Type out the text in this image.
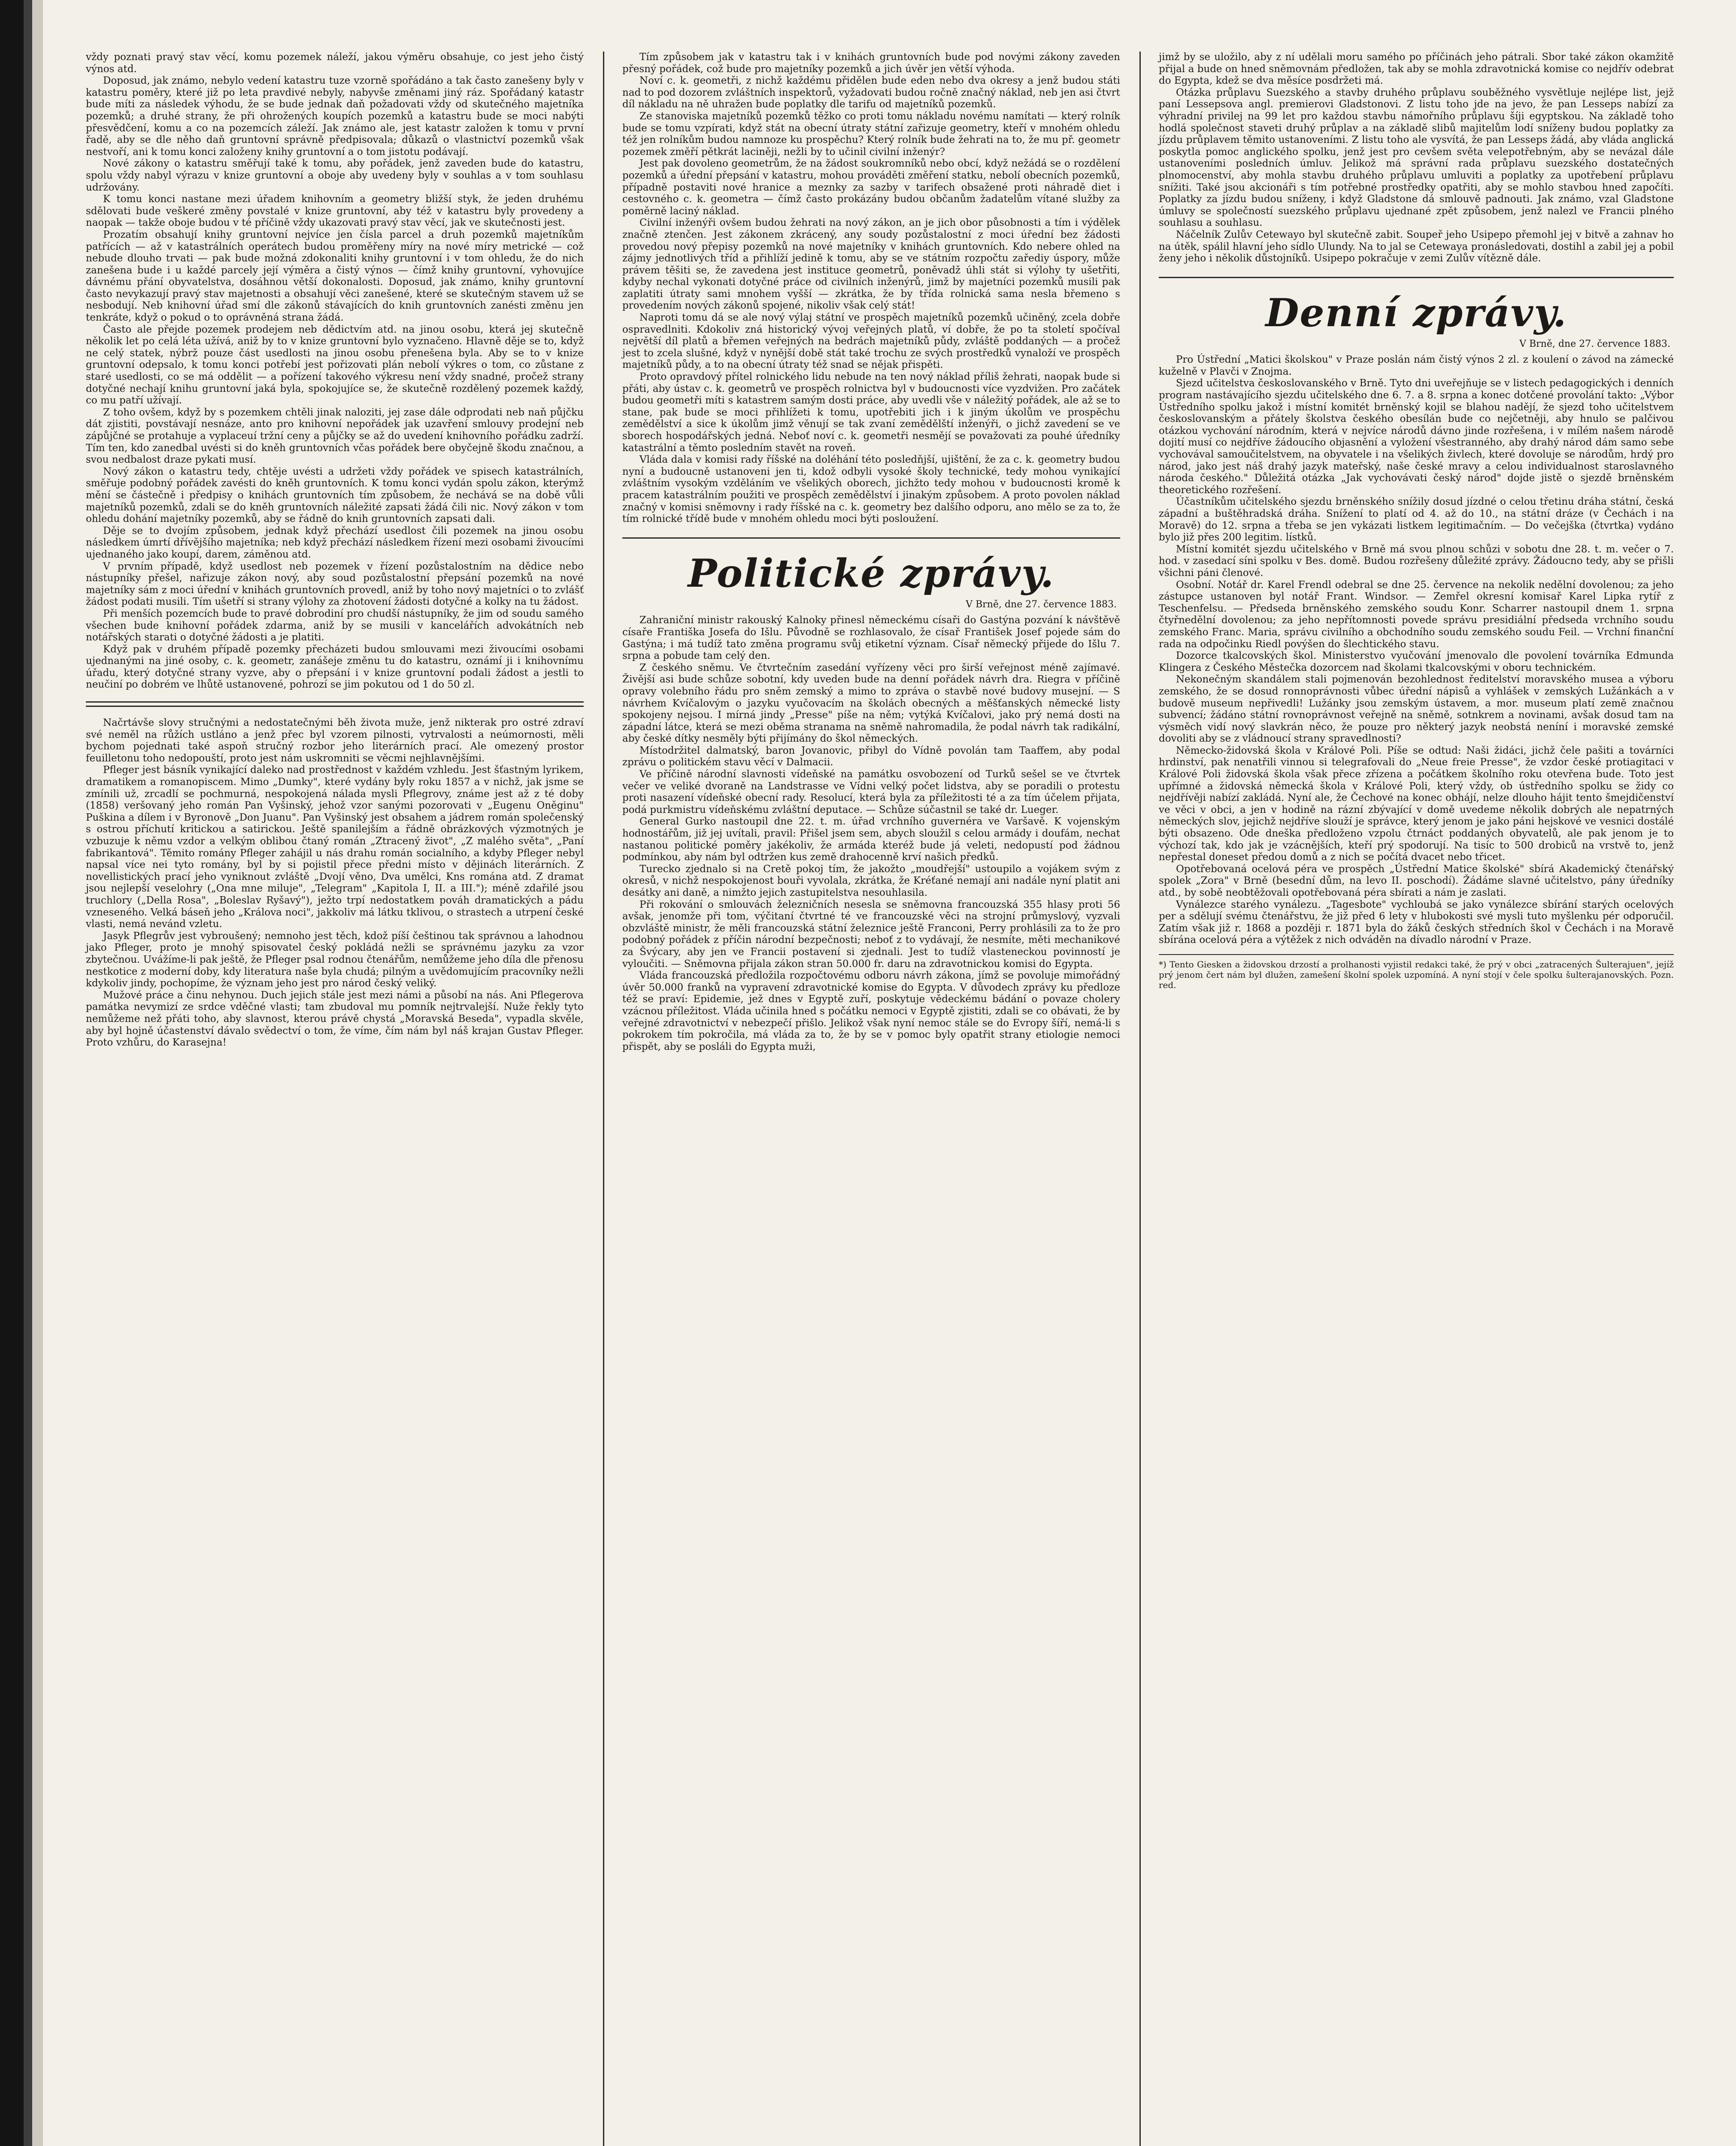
vždy poznati pravý stav věcí, komu pozemek náleží, jakou výměru obsahuje, co jest jeho čistý výnos atd.

Doposud, jak známo, nebylo vedení katastru tuze vzorně spořádáno a tak často zanešeny byly v katastru poměry, které již po leta pravdivé nebyly, nabyvše změnami jiný ráz. Spořádaný katastr bude míti za následek výhodu, že se bude jednak daň požadovati vždy od skutečného majetníka pozemků; a druhé strany, že při ohrožených koupích pozemků a katastru bude se moci nabýti přesvědčení, komu a co na pozemcích záleží. Jak známo ale, jest katastr založen k tomu v první řadě, aby se dle něho daň gruntovní správně předpisovala; důkazů o vlastnictví pozemků však nestvoří, ani k tomu konci založeny knihy gruntovní a o tom jistotu podávají.

Nové zákony o katastru směřují také k tomu, aby pořádek, jenž zaveden bude do katastru, spolu vždy nabyl výrazu v knize gruntovní a oboje aby uvedeny byly v souhlas a v tom souhlasu udržovány.

K tomu konci nastane mezi úřadem knihovním a geometry bližší styk, že jeden druhému sdělovati bude veškeré změny povstalé v knize gruntovní, aby též v katastru byly provedeny a naopak — takže oboje budou v té příčině vždy ukazovati pravý stav věcí, jak ve skutečnosti jest.

Prozatím obsahují knihy gruntovní nejvíce jen čísla parcel a druh pozemků majetníkům patřících — až v katastrálních operátech budou proměřeny míry na nové míry metrické — což nebude dlouho trvati — pak bude možná zdokonaliti knihy gruntovní i v tom ohledu, že do nich zanešena bude i u každé parcely její výměra a čistý výnos — čímž knihy gruntovní, vyhovujíce dávnému přání obyvatelstva, dosáhnou větší dokonalosti. Doposud, jak známo, knihy gruntovní často nevykazují pravý stav majetnosti a obsahují věci zanešené, které se skutečným stavem už se nesbodují. Neb knihovní úřad smí dle zákonů stávajících do knih gruntovních zanésti změnu jen tenkráte, když o pokud o to oprávněná strana žádá.

Často ale přejde pozemek prodejem neb dědictvím atd. na jinou osobu, která jej skutečně několik let po celá léta užívá, aniž by to v knize gruntovní bylo vyznačeno. Hlavně děje se to, když ne celý statek, nýbrž pouze část usedlosti na jinou osobu přenešena byla. Aby se to v knize gruntovní odepsalo, k tomu konci potřebí jest pořizovati plán nebolí výkres o tom, co zůstane z staré usedlosti, co se má oddělit — a pořízení takového výkresu není vždy snadné, pročež strany dotyčné nechají knihu gruntovní jaká byla, spokojujíce se, že skutečně rozdělený pozemek každý, co mu patří užívají.

Z toho ovšem, když by s pozemkem chtěli jinak naloziti, jej zase dále odprodati neb naň půjčku dát zjistiti, povstávají nesnáze, anto pro knihovní nepořádek jak uzavření smlouvy prodejní neb zápůjčné se protahuje a vyplaceuí tržní ceny a půjčky se až do uvedení knihovního pořádku zadrží. Tím ten, kdo zanedbal uvésti si do kněh gruntovních včas pořádek bere obyčejně škodu značnou, a svou nedbalost draze pykati musí.

Nový zákon o katastru tedy, chtěje uvésti a udržeti vždy pořádek ve spisech katastrálních, směřuje podobný pořádek zavésti do kněh gruntovních. K tomu konci vydán spolu zákon, kterýmž mění se částečně i předpisy o knihách gruntovních tím způsobem, že nechává se na době vůli majetníků pozemků, zdali se do kněh gruntovních náležité zapsati žádá čili nic. Nový zákon v tom ohledu dohání majetníky pozemků, aby se řádně do knih gruntovních zapsati dali.

Děje se to dvojím způsobem, jednak když přechází usedlost čili pozemek na jinou osobu následkem úmrtí dřívějšího majetníka; neb když přechází následkem řízení mezi osobami živoucími ujednaného jako koupí, darem, záměnou atd.

V prvním případě, když usedlost neb pozemek v řízení pozůstalostním na dědice nebo nástupníky přešel, nařizuje zákon nový, aby soud pozůstalostní přepsání pozemků na nové majetníky sám z moci úřední v knihách gruntovních provedl, aniž by toho nový majetníci o to zvlášť žádost podati musili. Tím ušetří si strany výlohy za zhotovení žádosti dotyčné a kolky na tu žádost.

Při menších pozemcích bude to pravé dobrodiní pro chudší nástupníky, že jim od soudu samého všechen bude knihovní pořádek zdarma, aniž by se musili v kancelářích advokátních neb notářských starati o dotyčné žádosti a je platiti.

Když pak v druhém případě pozemky přecházeti budou smlouvami mezi živoucími osobami ujednanými na jiné osoby, c. k. geometr, zanášeje změnu tu do katastru, oznámí ji i knihovnímu úřadu, který dotyčné strany vyzve, aby o přepsání i v knize gruntovní podali žádost a jestli to neučiní po dobrém ve lhůtě ustanovené, pohrozí se jim pokutou od 1 do 50 zl.

Načrtávše slovy stručnými a nedostatečnými běh života muže, jenž nikterak pro ostré zdraví své neměl na růžích ustláno a jenž přec byl vzorem pilnosti, vytrvalosti a neúmornosti, měli bychom pojednati také aspoň stručný rozbor jeho literárních prací. Ale omezený prostor feuilletonu toho nedopouští, proto jest nám uskromniti se věcmi nejhlavnějšími.

Pfleger jest básník vynikající daleko nad prostřednost v každém vzhledu. Jest šťastným lyrikem, dramatikem a romanopiscem. Mimo „Dumky", které vydány byly roku 1857 a v nichž, jak jsme se zmínili už, zrcadlí se pochmurná, nespokojená nálada mysli Pflegrovy, známe jest až z té doby (1858) veršovaný jeho román Pan Vyšinský, jehož vzor sanými pozorovati v „Eugenu Oněginu" Puškina a dílem i v Byronově „Don Juanu". Pan Vyšinský jest obsahem a jádrem román společenský s ostrou příchutí kritickou a satirickou. Ještě spanilejším a řádně obrázkových výzmotných je vzbuzuje k němu vzdor a velkým oblibou čtaný román „Ztracený život", „Z malého světa", „Paní fabrikantová". Těmito romány Pfleger zahájil u nás drahu román socialního, a kdyby Pfleger nebyl napsal více nei tyto romány, byl by si pojistil přece předni místo v dějinách literárních. Z novellistických prací jeho vyniknout zvláště „Dvojí věno, Dva umělci, Kns romána atd. Z dramat jsou nejlepší veselohry („Ona mne miluje", „Telegram" „Kapitola I, II. a III."); méně zdařilé jsou truchlory („Della Rosa", „Boleslav Ryšavý"), ježto trpí nedostatkem pováh dramatických a pádu vzneseného. Velká báseň jeho „Králova noci", jakkoliv má látku tklivou, o strastech a utrpení české vlasti, nemá nevánd vzletu.

Jasyk Pflegrův jest vybroušený; nemnoho jest těch, kdož píší češtinou tak správnou a lahodnou jako Pfleger, proto je mnohý spisovatel český pokládá nežli se správnému jazyku za vzor zbytečnou. Uvážíme-li pak ještě, že Pfleger psal rodnou čtenářům, nemůžeme jeho díla dle přenosu nestkotice z moderní doby, kdy literatura naše byla chudá; pilným a uvědomujícím pracovníky nežli kdykoliv jindy, pochopíme, že význam jeho jest pro národ český veliký.

Mužové práce a činu nehynou. Duch jejich stále jest mezi námi a působí na nás. Ani Pflegerova památka nevymizí ze srdce vděčné vlasti; tam zbudoval mu pomník nejtrvalejší. Nuže řekly tyto nemůžeme než přáti toho, aby slavnost, kterou právě chystá „Moravská Beseda", vypadla skvěle, aby byl hojně účastenství dávalo svědectví o tom, že víme, čím nám byl náš krajan Gustav Pfleger. Proto vzhůru, do Karasejna!

Tím způsobem jak v katastru tak i v knihách gruntovních bude pod novými zákony zaveden přesný pořádek, což bude pro majetníky pozemků a jich úvěr jen větší výhoda.

Noví c. k. geometři, z nichž každému přidělen bude eden nebo dva okresy a jenž budou státi nad to pod dozorem zvláštních inspektorů, vyžadovati budou ročně značný náklad, neb jen asi čtvrt díl nákladu na ně uhražen bude poplatky dle tarifu od majetníků pozemků.

Ze stanoviska majetníků pozemků těžko co proti tomu nákladu novému namítati — který rolník bude se tomu vzpírati, když stát na obecní útraty státní zařizuje geometry, kteří v mnohém ohledu též jen rolníkům budou namnoze ku prospěchu? Který rolník bude žehrati na to, že mu př. geometr pozemek změří pětkrát laciněji, nežli by to učinil civilní inženýr?

Jest pak dovoleno geometrům, že na žádost soukromníků nebo obcí, když nežádá se o rozdělení pozemků a úřední přepsání v katastru, mohou prováděti změření statku, nebolí obecních pozemků, případně postaviti nové hranice a meznky za sazby v tarifech obsažené proti náhradě diet i cestovného c. k. geometra — čímž často prokázány budou občanům žadatelům vítané služby za poměrně laciný náklad.

Civilní inženýři ovšem budou žehrati na nový zákon, an je jich obor působnosti a tím i výdělek značně ztenčen. Jest zákonem zkrácený, any soudy pozůstalostní z moci úřední bez žádosti provedou nový přepisy pozemků na nové majetníky v knihách gruntovních. Kdo nebere ohled na zájmy jednotlivých tříd a přihlíží jedině k tomu, aby se ve státním rozpočtu zařediy úspory, může právem těšiti se, že zavedena jest instituce geometrů, poněvadž úhli stát si výlohy ty ušetřiti, kdyby nechal vykonati dotyčné práce od civilních inženýrů, jimž by majetníci pozemků musili pak zaplatiti útraty sami mnohem vyšší — zkrátka, že by třída rolnická sama nesla břemeno s provedením nových zákonů spojené, nikoliv však celý stát!

Naproti tomu dá se ale nový výlaj státní ve prospěch majetníků pozemků učiněný, zcela dobře ospravedlniti. Kdokoliv zná historický vývoj veřejných platů, ví dobře, že po ta století spočíval největší díl platů a břemen veřejných na bedrách majetníků půdy, zvláště poddaných — a pročež jest to zcela slušné, když v nynější době stát také trochu ze svých prostředků vynaloží ve prospěch majetníků půdy, a to na obecní útraty též snad se nějak přispěti.

Proto opravdový přítel rolnického lidu nebude na ten nový náklad příliš žehrati, naopak bude si přáti, aby ústav c. k. geometrů ve prospěch rolnictva byl v budoucnosti více vyzdvižen. Pro začátek budou geometři míti s katastrem samým dosti práce, aby uvedli vše v náležitý pořádek, ale až se to stane, pak bude se moci přihlížeti k tomu, upotřebiti jich i k jiným úkolům ve prospěchu zemědělství a sice k úkolům jimž věnují se tak zvaní zemědělští inženýři, o jichž zavedení se ve sborech hospodářských jedná. Neboť noví c. k. geometři nesmějí se považovati za pouhé úředníky katastrální a těmto posledním stavět na roveň.

Vláda dala v komisi rady říšské na doléhání této posledňjší, ujištění, že za c. k. geometry budou nyní a budoucně ustanoveni jen ti, kdož odbyli vysoké školy technické, tedy mohou vynikající zvláštním vysokým vzděláním ve všelikých oborech, jichžto tedy mohou v budoucnosti kromě k pracem katastrálním použiti ve prospěch zemědělství i jinakým způsobem. A proto povolen náklad značný v komisi sněmovny i rady říšské na c. k. geometry bez dalšího odporu, ano mělo se za to, že tím rolnické třídě bude v mnohém ohledu moci býti posloužení.

Politické zprávy.
V Brně, dne 27. července 1883.

Zahraniční ministr rakouský Kalnoky přinesl německému císaři do Gastýna pozvání k návštěvě císaře Františka Josefa do Išlu. Původně se rozhlasovalo, že císař František Josef pojede sám do Gastýna; i má tudíž tato změna programu svůj etiketní význam. Císař německý přijede do Išlu 7. srpna a pobude tam celý den.

Z českého sněmu. Ve čtvrtečním zasedání vyřízeny věci pro širší veřejnost méně zajímavé. Živější asi bude schůze sobotní, kdy uveden bude na denní pořádek návrh dra. Riegra v příčině opravy volebního řádu pro sněm zemský a mimo to zpráva o stavbě nové budovy musejní. — S návrhem Kvíčalovým o jazyku vyučovacím na školách obecných a měšťanských německé listy spokojeny nejsou. I mírná jindy „Presse" píše na něm; vytýká Kvíčalovi, jako prý nemá dosti na západní látce, která se mezi oběma stranama na sněmě nahromadila, že podal návrh tak radikální, aby české dítky nesměly býti přijímány do škol německých.

Místodržitel dalmatský, baron Jovanovic, přibyl do Vídně povolán tam Taaffem, aby podal zprávu o politickém stavu věcí v Dalmacii.

Ve příčině národní slavnosti vídeňské na památku osvobození od Turků sešel se ve čtvrtek večer ve veliké dvoraně na Landstrasse ve Vídni velký počet lidstva, aby se poradili o protestu proti nasazení vídeňské obecní rady. Resolucí, která byla za příležitosti té a za tím účelem přijata, podá purkmistru vídeňskému zvláštní deputace. — Schůze súčastnil se také dr. Lueger.

General Gurko nastoupil dne 22. t. m. úřad vrchního guvernéra ve Varšavě. K vojenským hodnostářům, již jej uvítali, pravil: Přišel jsem sem, abych sloužil s celou armády i doufám, nechat nastanou politické poměry jakékoliv, že armáda kteréž bude já veleti, nedopustí pod žádnou podmínkou, aby nám byl odtržen kus země drahocenně krví našich předků.

Turecko zjednalo si na Cretě pokoj tím, že jakožto „moudřejší" ustoupilo a vojákem svým z okresů, v nichž nespokojenost bouři vyvolala, zkrátka, že Kréťané nemají ani nadále nyní platit ani desátky ani daně, a nimžto jejich zastupitelstva nesouhlasila.

Při rokování o smlouvách železničních nesesla se sněmovna francouzská 355 hlasy proti 56 avšak, jenomže při tom, výčitaní čtvrtné té ve francouzské věci na strojní průmyslový, vyzvali obzvláště ministr, že měli francouzská státní železnice ještě Franconi, Perry prohlásili za to že pro podobný pořádek z příčin národní bezpečnosti; neboť z to vydávají, že nesmíte, měti mechanikové za Švýcary, aby jen ve Francii postavení si zjednali. Jest to tudíž vlasteneckou povinností je vyloučiti. — Sněmovna přijala zákon stran 50.000 fr. daru na zdravotnickou komisi do Egypta.

Vláda francouzská předložila rozpočtovému odboru návrh zákona, jímž se povoluje mimořádný úvěr 50.000 franků na vypravení zdravotnické komise do Egypta. V důvodech zprávy ku předloze též se praví: Epidemie, jež dnes v Egyptě zuří, poskytuje vědeckému bádání o povaze cholery vzácnou příležitost. Vláda učinila hned s počátku nemoci v Egyptě zjistiti, zdali se co obávati, že by veřejné zdravotnictví v nebezpečí přišlo. Jelikož však nyní nemoc stále se do Evropy šíří, nemá-li s pokrokem tím pokročila, má vláda za to, že by se v pomoc byly opatřit strany etiologie nemoci přispět, aby se posláli do Egypta muži,

jimž by se uložilo, aby z ní udělali moru samého po příčinách jeho pátrali. Sbor také zákon okamžitě přijal a bude on hned sněmovnám předložen, tak aby se mohla zdravotnická komise co nejdřív odebrat do Egypta, kdež se dva měsíce posdržeti má.

Otázka průplavu Suezského a stavby druhého průplavu souběžného vysvětluje nejlépe list, jejž paní Lessepsova angl. premierovi Gladstonovi. Z listu toho jde na jevo, že pan Lesseps nabízí za výhradní privilej na 99 let pro každou stavbu námořního průplavu šíji egyptskou. Na základě toho hodlá společnost staveti druhý průplav a na základě slibů majitelům lodí sníženy budou poplatky za jízdu průplavem těmito ustanoveními. Z listu toho ale vysvítá, že pan Lesseps žádá, aby vláda anglická poskytla pomoc anglického spolku, jenž jest pro cevšem světa velepotřebným, aby se nevázal dále ustanoveními posledních úmluv. Jelikož má správní rada průplavu suezského dostatečných plnomocenství, aby mohla stavbu druhého průplavu umluviti a poplatky za upotřebení průplavu snížiti. Také jsou akcionáři s tím potřebné prostředky opatřiti, aby se mohlo stavbou hned započíti. Poplatky za jízdu budou sníženy, i když Gladstone dá smlouvě padnouti. Jak známo, vzal Gladstone úmluvy se společností suezského průplavu ujednané zpět způsobem, jenž nalezl ve Francii plného souhlasu a souhlasu.

Náčelník Zulův Cetewayo byl skutečně zabit. Soupeř jeho Usipepo přemohl jej v bitvě a zahnav ho na útěk, spálil hlavní jeho sídlo Ulundy. Na to jal se Cetewaya pronásledovati, dostihl a zabil jej a pobil ženy jeho i několik důstojníků. Usipepo pokračuje v zemi Zulův vítězně dále.

Denní zprávy.
V Brně, dne 27. července 1883.

Pro Ústřední „Matici školskou" v Praze poslán nám čistý výnos 2 zl. z koulení o závod na zámecké kuželně v Plavči v Znojma.

Sjezd učitelstva českoslovanského v Brně. Tyto dni uveřejňuje se v listech pedagogických i denních program nastávajícího sjezdu učitelského dne 6. 7. a 8. srpna a konec dotčené provolání takto: „Výbor Ústředního spolku jakož i místní komitét brněnský kojil se blahou nadějí, že sjezd toho učitelstvem českoslovanským a přátely školstva českého obesílán bude co nejčetněji, aby hnulo se palčivou otázkou vychování národním, která v nejvíce národů dávno jinde rozřešena, i v mílém našem národě dojití musí co nejdříve žádoucího objasnění a vyložení všestranného, aby drahý národ dám samo sebe vychovával samoučitelstvem, na obyvatele i na všelikých živlech, které dovoluje se národům, hrdý pro národ, jako jest náš drahý jazyk mateřský, naše české mravy a celou individualnost staroslavného národa českého." Důležitá otázka „Jak vychovávati český národ" dojde jistě o sjezdě brněnském theoretického rozřešení.

Účastníkům učitelského sjezdu brněnského snížily dosud jízdné o celou třetinu dráha státní, česká západní a buštěhradská dráha. Snížení to platí od 4. až do 10., na státní dráze (v Čechách i na Moravě) do 12. srpna a třeba se jen vykázati listkem legitimačním. — Do večejška (čtvrtka) vydáno bylo již přes 200 legitim. lístků.

Místní komitét sjezdu učitelského v Brně má svou plnou schůzi v sobotu dne 28. t. m. večer o 7. hod. v zasedací síni spolku v Bes. domě. Budou rozřešeny důležité zprávy. Žádoucno tedy, aby se přišli všichni páni členové.

Osobní. Notář dr. Karel Frendl odebral se dne 25. července na nekolik nedělní dovolenou; za jeho zástupce ustanoven byl notář Frant. Windsor. — Zemřel okresní komisař Karel Lipka rytíř z Teschenfelsu. — Předseda brněnského zemského soudu Konr. Scharrer nastoupil dnem 1. srpna čtyřnedělní dovolenou; za jeho nepřítomnosti povede správu presidiální předseda vrchního soudu zemského Franc. Maria, správu civilního a obchodního soudu zemského soudu Feil. — Vrchní finanční rada na odpočinku Riedl povýšen do šlechtického stavu.

Dozorce tkalcovských škol. Ministerstvo vyučování jmenovalo dle povolení továrníka Edmunda Klingera z Českého Městečka dozorcem nad školami tkalcovskými v oboru technickém.

Nekonečným skandálem stali pojmenován bezohlednost ředitelství moravského musea a výboru zemského, že se dosud ronnoprávnosti vůbec úřední nápisů a vyhlášek v zemských Lužánkách a v budově museum nepřivedli! Lužánky jsou zemským ústavem, a mor. museum platí země značnou subvencí; žádáno státní rovnoprávnost veřejně na sněmě, sotnkrem a novinami, avšak dosud tam na výsměch vidí nový slavkrán něco, že pouze pro některý jazyk neobstá neníní i moravské zemské dovoliti aby se z vládnoucí strany spravedlnosti?

Německo-židovská škola v Králové Poli. Píše se odtud: Naši židáci, jichž čele pašiti a továrníci hrdinství, pak nenatřili vinnou si telegrafovali do „Neue freie Presse", že vzdor české protiagitaci v Králové Poli židovská škola však přece zřízena a počátkem školního roku otevřena bude. Toto jest upřímné a židovská německá škola v Králové Poli, který vždy, ob ústředního spolku se židy co nejdřívěji nabízí zakládá. Nyní ale, že Čechové na konec obhájí, nelze dlouho hájit tento šmejdičenství ve věci v obci, a jen v hodině na rázní zbývající v domě uvedeme několik dobrých ale nepatrných německých slov, jejichž nejdříve slouží je správce, který jenom je jako páni hejskové ve vesnici dostálé býti obsazeno. Ode dneška předloženo vzpolu čtrnáct poddaných obyvatelů, ale pak jenom je to výchozí tak, kdo jak je vzácnějších, kteří prý spodorují. Na tisíc to 500 drobiců na vrstvě to, jenž nepřestal doneset předou domů a z nich se počítá dvacet nebo třicet.

Opotřebovaná ocelová péra ve prospěch „Ústřední Matice školské" sbírá Akademický čtenářský spolek „Zora" v Brně (besední dům, na levo II. poschodí). Žádáme slavné učitelstvo, pány úředníky atd., by sobě neobtěžovali opotřebovaná péra sbírati a nám je zaslati.

Vynálezce starého vynálezu. „Tagesbote" vychloubá se jako vynálezce sbírání starých ocelových per a sdělují svému čtenářstvu, že již před 6 lety v hlubokosti své mysli tuto myšlenku pér odporučil. Zatím však již r. 1868 a později r. 1871 byla do žáků českých středních škol v Čechách i na Moravě sbírána ocelová péra a výtěžek z nich odváděn na dívadlo národní v Praze.

*) Tento Giesken a židovskou drzostí a prolhanosti vyjistil redakci také, že prý v obci „zatracených Šulterajuen", jejíž prý jenom čert nám byl dlužen, zamešení školní spolek uzpomíná. A nyní stojí v čele spolku šulterajanovských. Pozn. red.
